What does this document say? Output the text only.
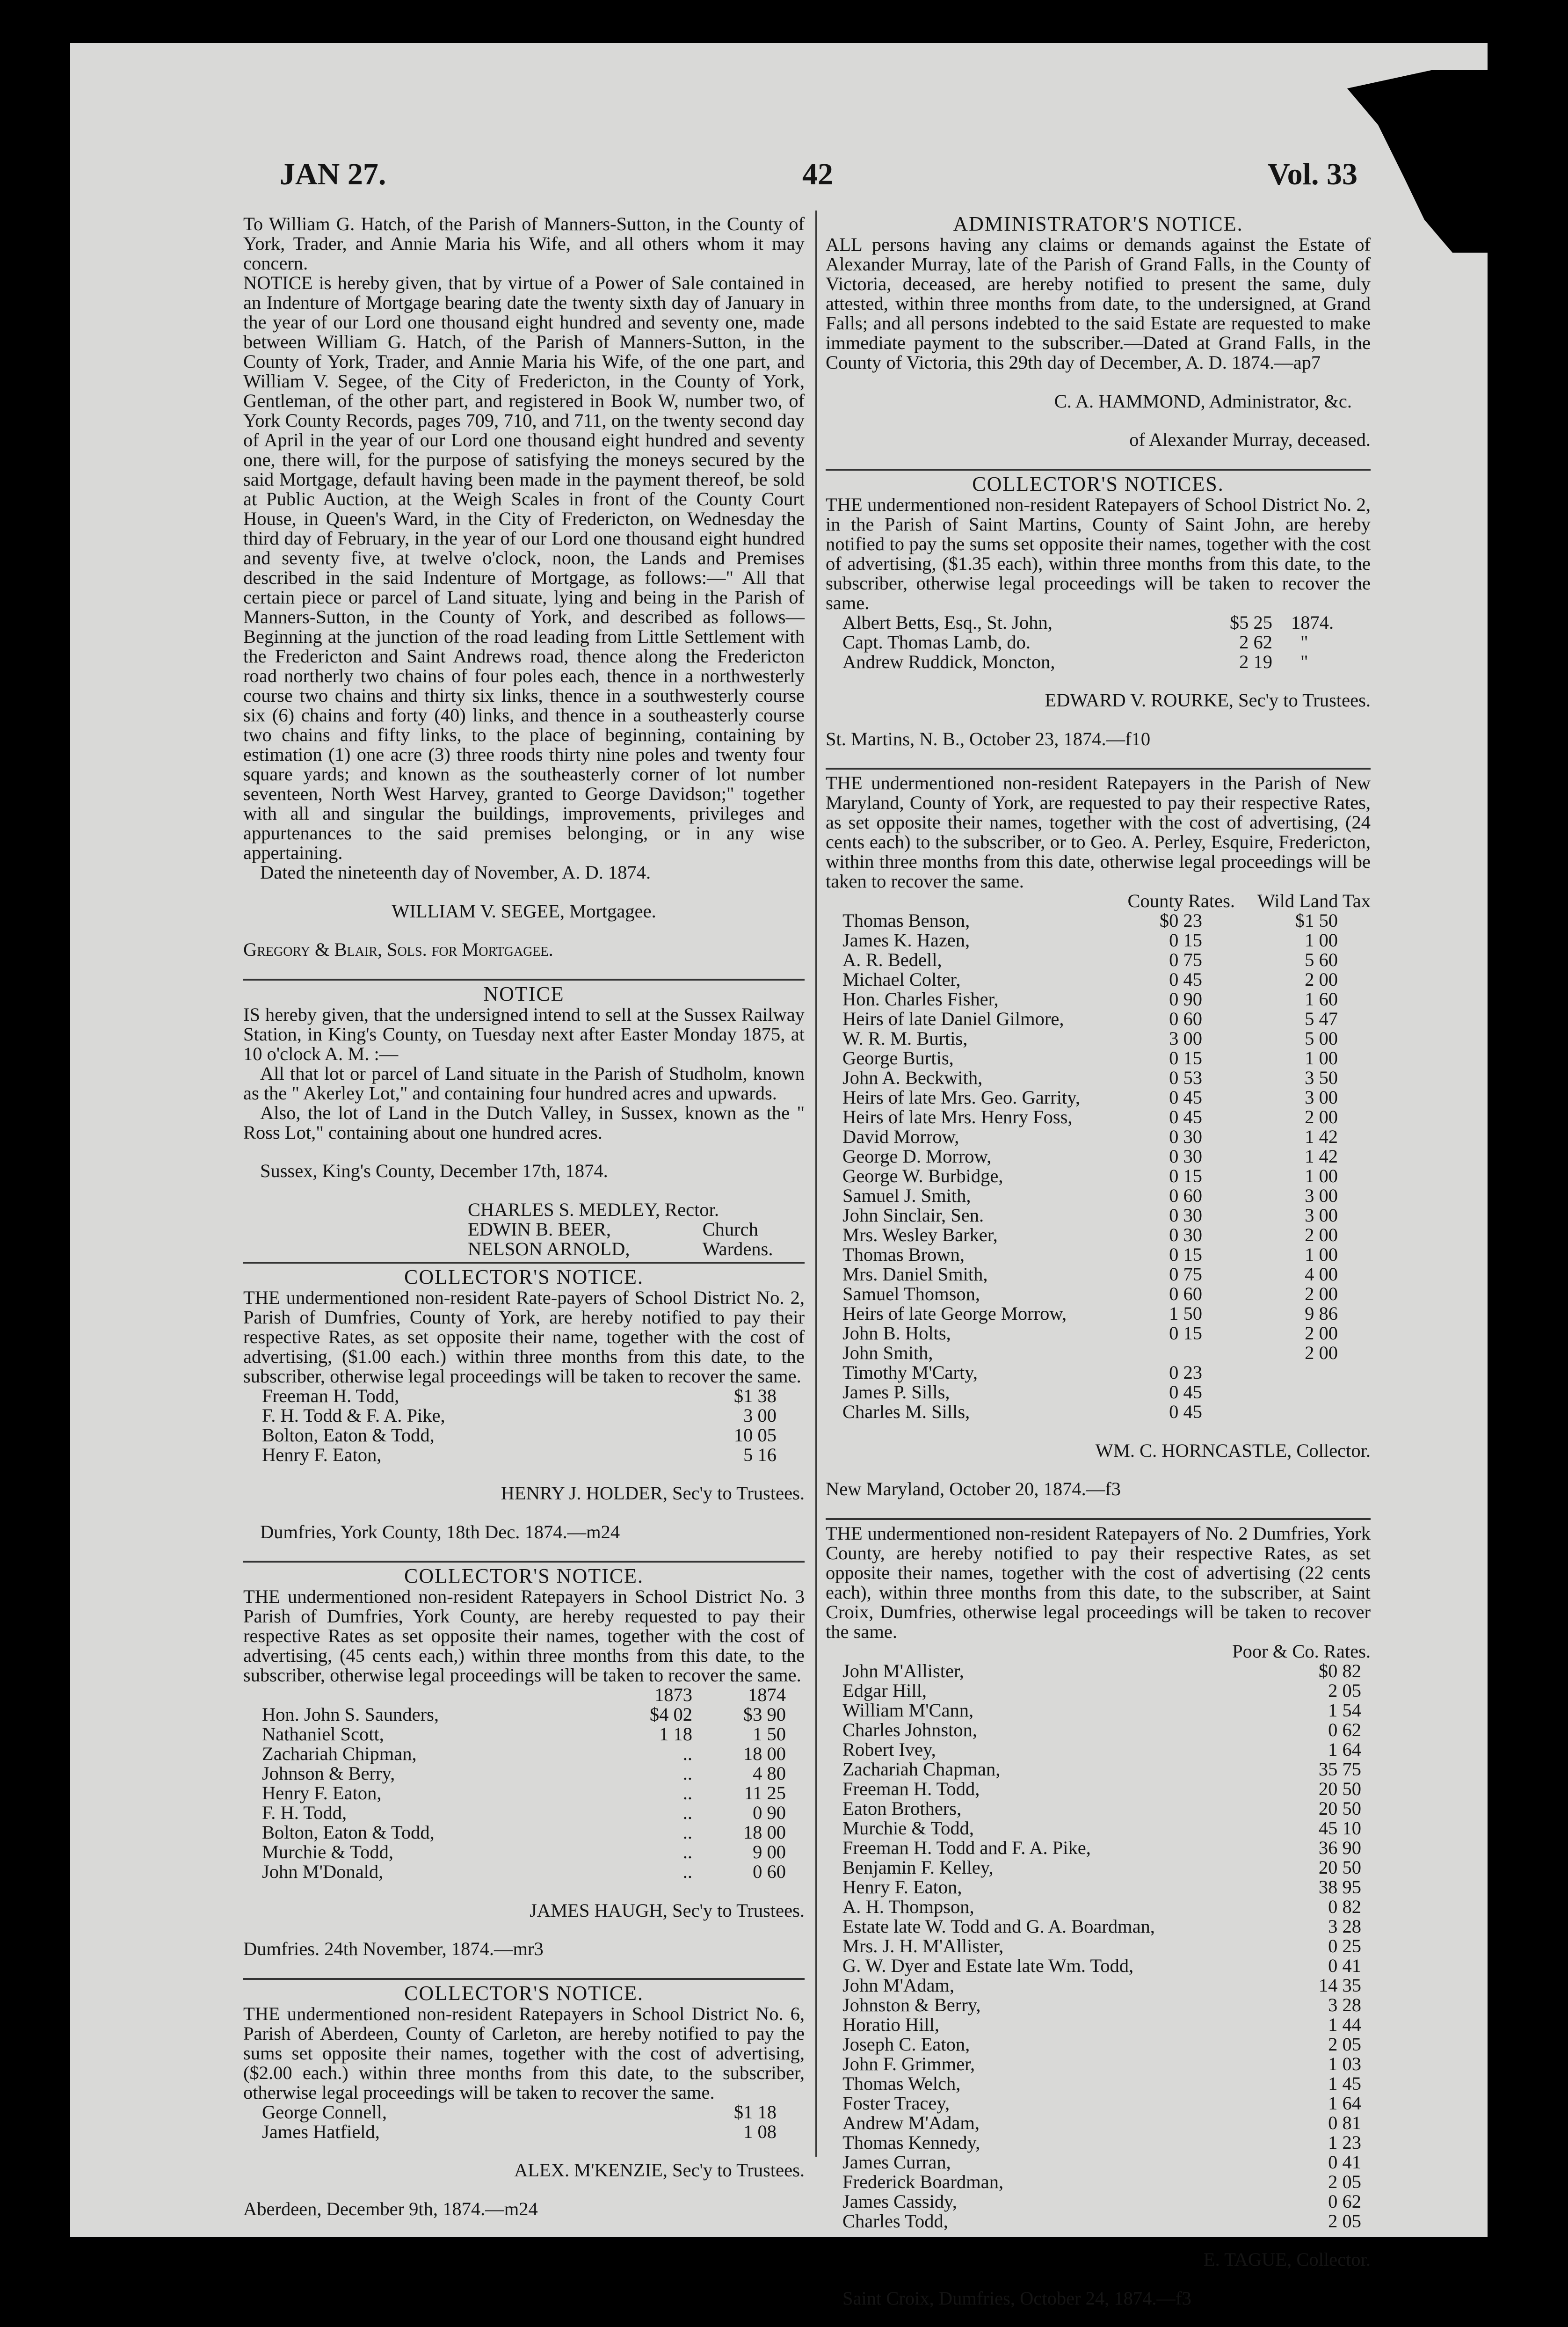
JAN 27.	42	Vol. 33

To William G. Hatch, of the Parish of Manners-Sutton, in the County of York, Trader, and Annie Maria his Wife, and all others whom it may concern.

NOTICE is hereby given, that by virtue of a Power of Sale contained in an Indenture of Mortgage bearing date the twenty sixth day of January in the year of our Lord one thousand eight hundred and seventy one, made between William G. Hatch, of the Parish of Manners-Sutton, in the County of York, Trader, and Annie Maria his Wife, of the one part, and William V. Segee, of the City of Fredericton, in the County of York, Gentleman, of the other part, and registered in Book W, number two, of York County Records, pages 709, 710, and 711, on the twenty second day of April in the year of our Lord one thousand eight hundred and seventy one, there will, for the purpose of satisfying the moneys secured by the said Mortgage, default having been made in the payment thereof, be sold at Public Auction, at the Weigh Scales in front of the County Court House, in Queen's Ward, in the City of Fredericton, on Wednesday the third day of February, in the year of our Lord one thousand eight hundred and seventy five, at twelve o'clock, noon, the Lands and Premises described in the said Indenture of Mortgage, as follows:—" All that certain piece or parcel of Land situate, lying and being in the Parish of Manners-Sutton, in the County of York, and described as follows—Beginning at the junction of the road leading from Little Settlement with the Fredericton and Saint Andrews road, thence along the Fredericton road northerly two chains of four poles each, thence in a northwesterly course two chains and thirty six links, thence in a southwesterly course six (6) chains and forty (40) links, and thence in a southeasterly course two chains and fifty links, to the place of beginning, containing by estimation (1) one acre (3) three roods thirty nine poles and twenty four square yards; and known as the southeasterly corner of lot number seventeen, North West Harvey, granted to George Davidson;" together with all and singular the buildings, improvements, privileges and appurtenances to the said premises belonging, or in any wise appertaining.

Dated the nineteenth day of November, A. D. 1874.

WILLIAM V. SEGEE, Mortgagee.

Gregory & Blair, Sols. for Mortgagee.

NOTICE

IS hereby given, that the undersigned intend to sell at the Sussex Railway Station, in King's County, on Tuesday next after Easter Monday 1875, at 10 o'clock A. M. :—

All that lot or parcel of Land situate in the Parish of Studholm, known as the " Akerley Lot," and containing four hundred acres and upwards.

Also, the lot of Land in the Dutch Valley, in Sussex, known as the " Ross Lot," containing about one hundred acres.

Sussex, King's County, December 17th, 1874.

	CHARLES S. MEDLEY, Rector.	
	EDWIN B. BEER,	Church
	NELSON ARNOLD,	Wardens.

COLLECTOR'S NOTICE.

THE undermentioned non-resident Rate-payers of School District No. 2, Parish of Dumfries, County of York, are hereby notified to pay their respective Rates, as set opposite their name, together with the cost of advertising, ($1.00 each.) within three months from this date, to the subscriber, otherwise legal proceedings will be taken to recover the same.

Freeman H. Todd,	$1 38	
F. H. Todd & F. A. Pike,	3 00	
Bolton, Eaton & Todd,	10 05	
Henry F. Eaton,	5 16	

HENRY J. HOLDER, Sec'y to Trustees.

Dumfries, York County, 18th Dec. 1874.—m24

COLLECTOR'S NOTICE.

THE undermentioned non-resident Ratepayers in School District No. 3 Parish of Dumfries, York County, are hereby requested to pay their respective Rates as set opposite their names, together with the cost of advertising, (45 cents each,) within three months from this date, to the subscriber, otherwise legal proceedings will be taken to recover the same.

	1873	1874
Hon. John S. Saunders,	$4 02	$3 90
Nathaniel Scott,	1 18	1 50
Zachariah Chipman,	..	18 00
Johnson & Berry,	..	4 80
Henry F. Eaton,	..	11 25
F. H. Todd,	..	0 90
Bolton, Eaton & Todd,	..	18 00
Murchie & Todd,	..	9 00
John M'Donald,	..	0 60

JAMES HAUGH, Sec'y to Trustees.

Dumfries. 24th November, 1874.—mr3

COLLECTOR'S NOTICE.

THE undermentioned non-resident Ratepayers in School District No. 6, Parish of Aberdeen, County of Carleton, are hereby notified to pay the sums set opposite their names, together with the cost of advertising, ($2.00 each.) within three months from this date, to the subscriber, otherwise legal proceedings will be taken to recover the same.

George Connell,	$1 18	
James Hatfield,	1 08	

ALEX. M'KENZIE, Sec'y to Trustees.

Aberdeen, December 9th, 1874.—m24

ADMINISTRATOR'S NOTICE.

ALL persons having any claims or demands against the Estate of Alexander Murray, late of the Parish of Grand Falls, in the County of Victoria, deceased, are hereby notified to present the same, duly attested, within three months from date, to the undersigned, at Grand Falls; and all persons indebted to the said Estate are requested to make immediate payment to the subscriber.—Dated at Grand Falls, in the County of Victoria, this 29th day of December, A. D. 1874.—ap7

C. A. HAMMOND, Administrator, &c.

of Alexander Murray, deceased.

COLLECTOR'S NOTICES.

THE undermentioned non-resident Ratepayers of School District No. 2, in the Parish of Saint Martins, County of Saint John, are hereby notified to pay the sums set opposite their names, together with the cost of advertising, ($1.35 each), within three months from this date, to the subscriber, otherwise legal proceedings will be taken to recover the same.

Albert Betts, Esq., St. John,	$5 25	1874.
Capt. Thomas Lamb, do.	2 62	"
Andrew Ruddick, Moncton,	2 19	"

EDWARD V. ROURKE, Sec'y to Trustees.

St. Martins, N. B., October 23, 1874.—f10

THE undermentioned non-resident Ratepayers in the Parish of New Maryland, County of York, are requested to pay their respective Rates, as set opposite their names, together with the cost of advertising, (24 cents each) to the subscriber, or to Geo. A. Perley, Esquire, Fredericton, within three months from this date, otherwise legal proceedings will be taken to recover the same.

	County Rates.	Wild Land Tax
Thomas Benson,	$0 23	$1 50
James K. Hazen,	0 15	1 00
A. R. Bedell,	0 75	5 60
Michael Colter,	0 45	2 00
Hon. Charles Fisher,	0 90	1 60
Heirs of late Daniel Gilmore,	0 60	5 47
W. R. M. Burtis,	3 00	5 00
George Burtis,	0 15	1 00
John A. Beckwith,	0 53	3 50
Heirs of late Mrs. Geo. Garrity,	0 45	3 00
Heirs of late Mrs. Henry Foss,	0 45	2 00
David Morrow,	0 30	1 42
George D. Morrow,	0 30	1 42
George W. Burbidge,	0 15	1 00
Samuel J. Smith,	0 60	3 00
John Sinclair, Sen.	0 30	3 00
Mrs. Wesley Barker,	0 30	2 00
Thomas Brown,	0 15	1 00
Mrs. Daniel Smith,	0 75	4 00
Samuel Thomson,	0 60	2 00
Heirs of late George Morrow,	1 50	9 86
John B. Holts,	0 15	2 00
John Smith,		2 00
Timothy M'Carty,	0 23	
James P. Sills,	0 45	
Charles M. Sills,	0 45	

WM. C. HORNCASTLE, Collector.

New Maryland, October 20, 1874.—f3

THE undermentioned non-resident Ratepayers of No. 2 Dumfries, York County, are hereby notified to pay their respective Rates, as set opposite their names, together with the cost of advertising (22 cents each), within three months from this date, to the subscriber, at Saint Croix, Dumfries, otherwise legal proceedings will be taken to recover the same.

	Poor & Co. Rates.
John M'Allister,	$0 82
Edgar Hill,	2 05
William M'Cann,	1 54
Charles Johnston,	0 62
Robert Ivey,	1 64
Zachariah Chapman,	35 75
Freeman H. Todd,	20 50
Eaton Brothers,	20 50
Murchie & Todd,	45 10
Freeman H. Todd and F. A. Pike,	36 90
Benjamin F. Kelley,	20 50
Henry F. Eaton,	38 95
A. H. Thompson,	0 82
Estate late W. Todd and G. A. Boardman,	3 28
Mrs. J. H. M'Allister,	0 25
G. W. Dyer and Estate late Wm. Todd,	0 41
John M'Adam,	14 35
Johnston & Berry,	3 28
Horatio Hill,	1 44
Joseph C. Eaton,	2 05
John F. Grimmer,	1 03
Thomas Welch,	1 45
Foster Tracey,	1 64
Andrew M'Adam,	0 81
Thomas Kennedy,	1 23
James Curran,	0 41
Frederick Boardman,	2 05
James Cassidy,	0 62
Charles Todd,	2 05

E. TAGUE, Collector.

Saint Croix, Dumfries, October 24, 1874.—f3
